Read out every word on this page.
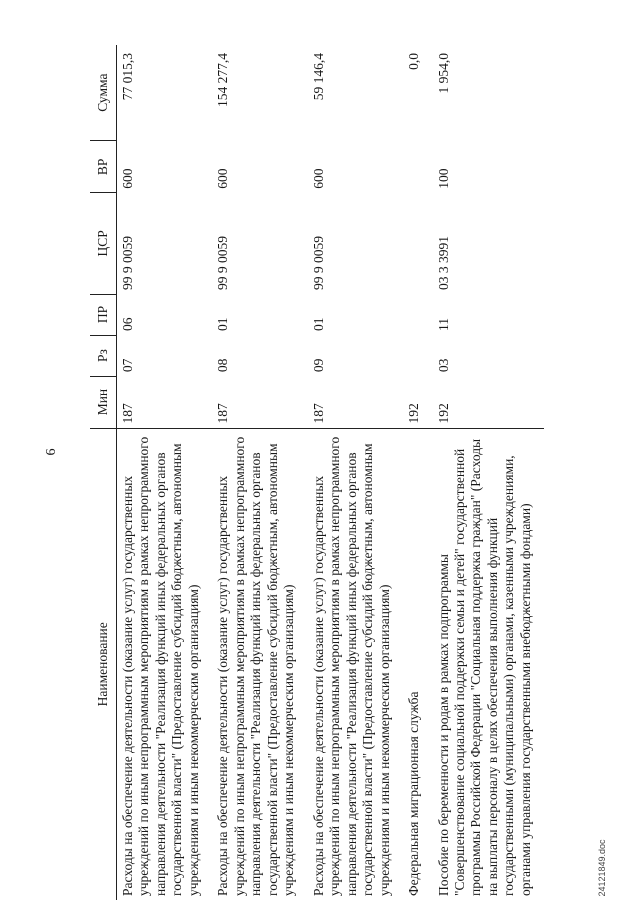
6
Наименование	Мин	Рз	ПР	ЦСР	ВР	Сумма
Расходы на обеспечение деятельности (оказание услуг) государственных учреждений по иным непрограммным мероприятиям в рамках непрограммного направления деятельности "Реализация функций иных федеральных органов государственной власти" (Предоставление субсидий бюджетным, автономным учреждениям и иным некоммерческим организациям)	187	07	06	99 9 0059	600	77 015,3
Расходы на обеспечение деятельности (оказание услуг) государственных учреждений по иным непрограммным мероприятиям в рамках непрограммного направления деятельности "Реализация функций иных федеральных органов государственной власти" (Предоставление субсидий бюджетным, автономным учреждениям и иным некоммерческим организациям)	187	08	01	99 9 0059	600	154 277,4
Расходы на обеспечение деятельности (оказание услуг) государственных учреждений по иным непрограммным мероприятиям в рамках непрограммного направления деятельности "Реализация функций иных федеральных органов государственной власти" (Предоставление субсидий бюджетным, автономным учреждениям и иным некоммерческим организациям)	187	09	01	99 9 0059	600	59 146,4
Федеральная миграционная служба	192					0,0
Пособие по беременности и родам в рамках подпрограммы "Совершенствование социальной поддержки семьи и детей" государственной программы Российской Федерации "Социальная поддержка граждан" (Расходы на выплаты персоналу в целях обеспечения выполнения функций государственными (муниципальными) органами, казенными учреждениями, органами управления государственными внебюджетными фондами)	192	03	11	03 3 3991	100	1 954,0
24121849.doc
